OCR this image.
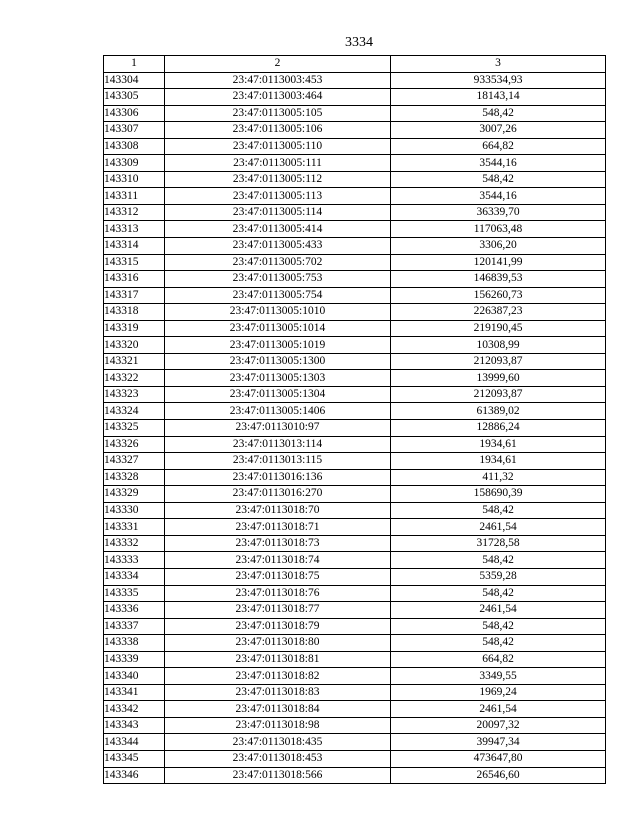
3334
1	2	3
143304	23:47:0113003:453	933534,93
143305	23:47:0113003:464	18143,14
143306	23:47:0113005:105	548,42
143307	23:47:0113005:106	3007,26
143308	23:47:0113005:110	664,82
143309	23:47:0113005:111	3544,16
143310	23:47:0113005:112	548,42
143311	23:47:0113005:113	3544,16
143312	23:47:0113005:114	36339,70
143313	23:47:0113005:414	117063,48
143314	23:47:0113005:433	3306,20
143315	23:47:0113005:702	120141,99
143316	23:47:0113005:753	146839,53
143317	23:47:0113005:754	156260,73
143318	23:47:0113005:1010	226387,23
143319	23:47:0113005:1014	219190,45
143320	23:47:0113005:1019	10308,99
143321	23:47:0113005:1300	212093,87
143322	23:47:0113005:1303	13999,60
143323	23:47:0113005:1304	212093,87
143324	23:47:0113005:1406	61389,02
143325	23:47:0113010:97	12886,24
143326	23:47:0113013:114	1934,61
143327	23:47:0113013:115	1934,61
143328	23:47:0113016:136	411,32
143329	23:47:0113016:270	158690,39
143330	23:47:0113018:70	548,42
143331	23:47:0113018:71	2461,54
143332	23:47:0113018:73	31728,58
143333	23:47:0113018:74	548,42
143334	23:47:0113018:75	5359,28
143335	23:47:0113018:76	548,42
143336	23:47:0113018:77	2461,54
143337	23:47:0113018:79	548,42
143338	23:47:0113018:80	548,42
143339	23:47:0113018:81	664,82
143340	23:47:0113018:82	3349,55
143341	23:47:0113018:83	1969,24
143342	23:47:0113018:84	2461,54
143343	23:47:0113018:98	20097,32
143344	23:47:0113018:435	39947,34
143345	23:47:0113018:453	473647,80
143346	23:47:0113018:566	26546,60
